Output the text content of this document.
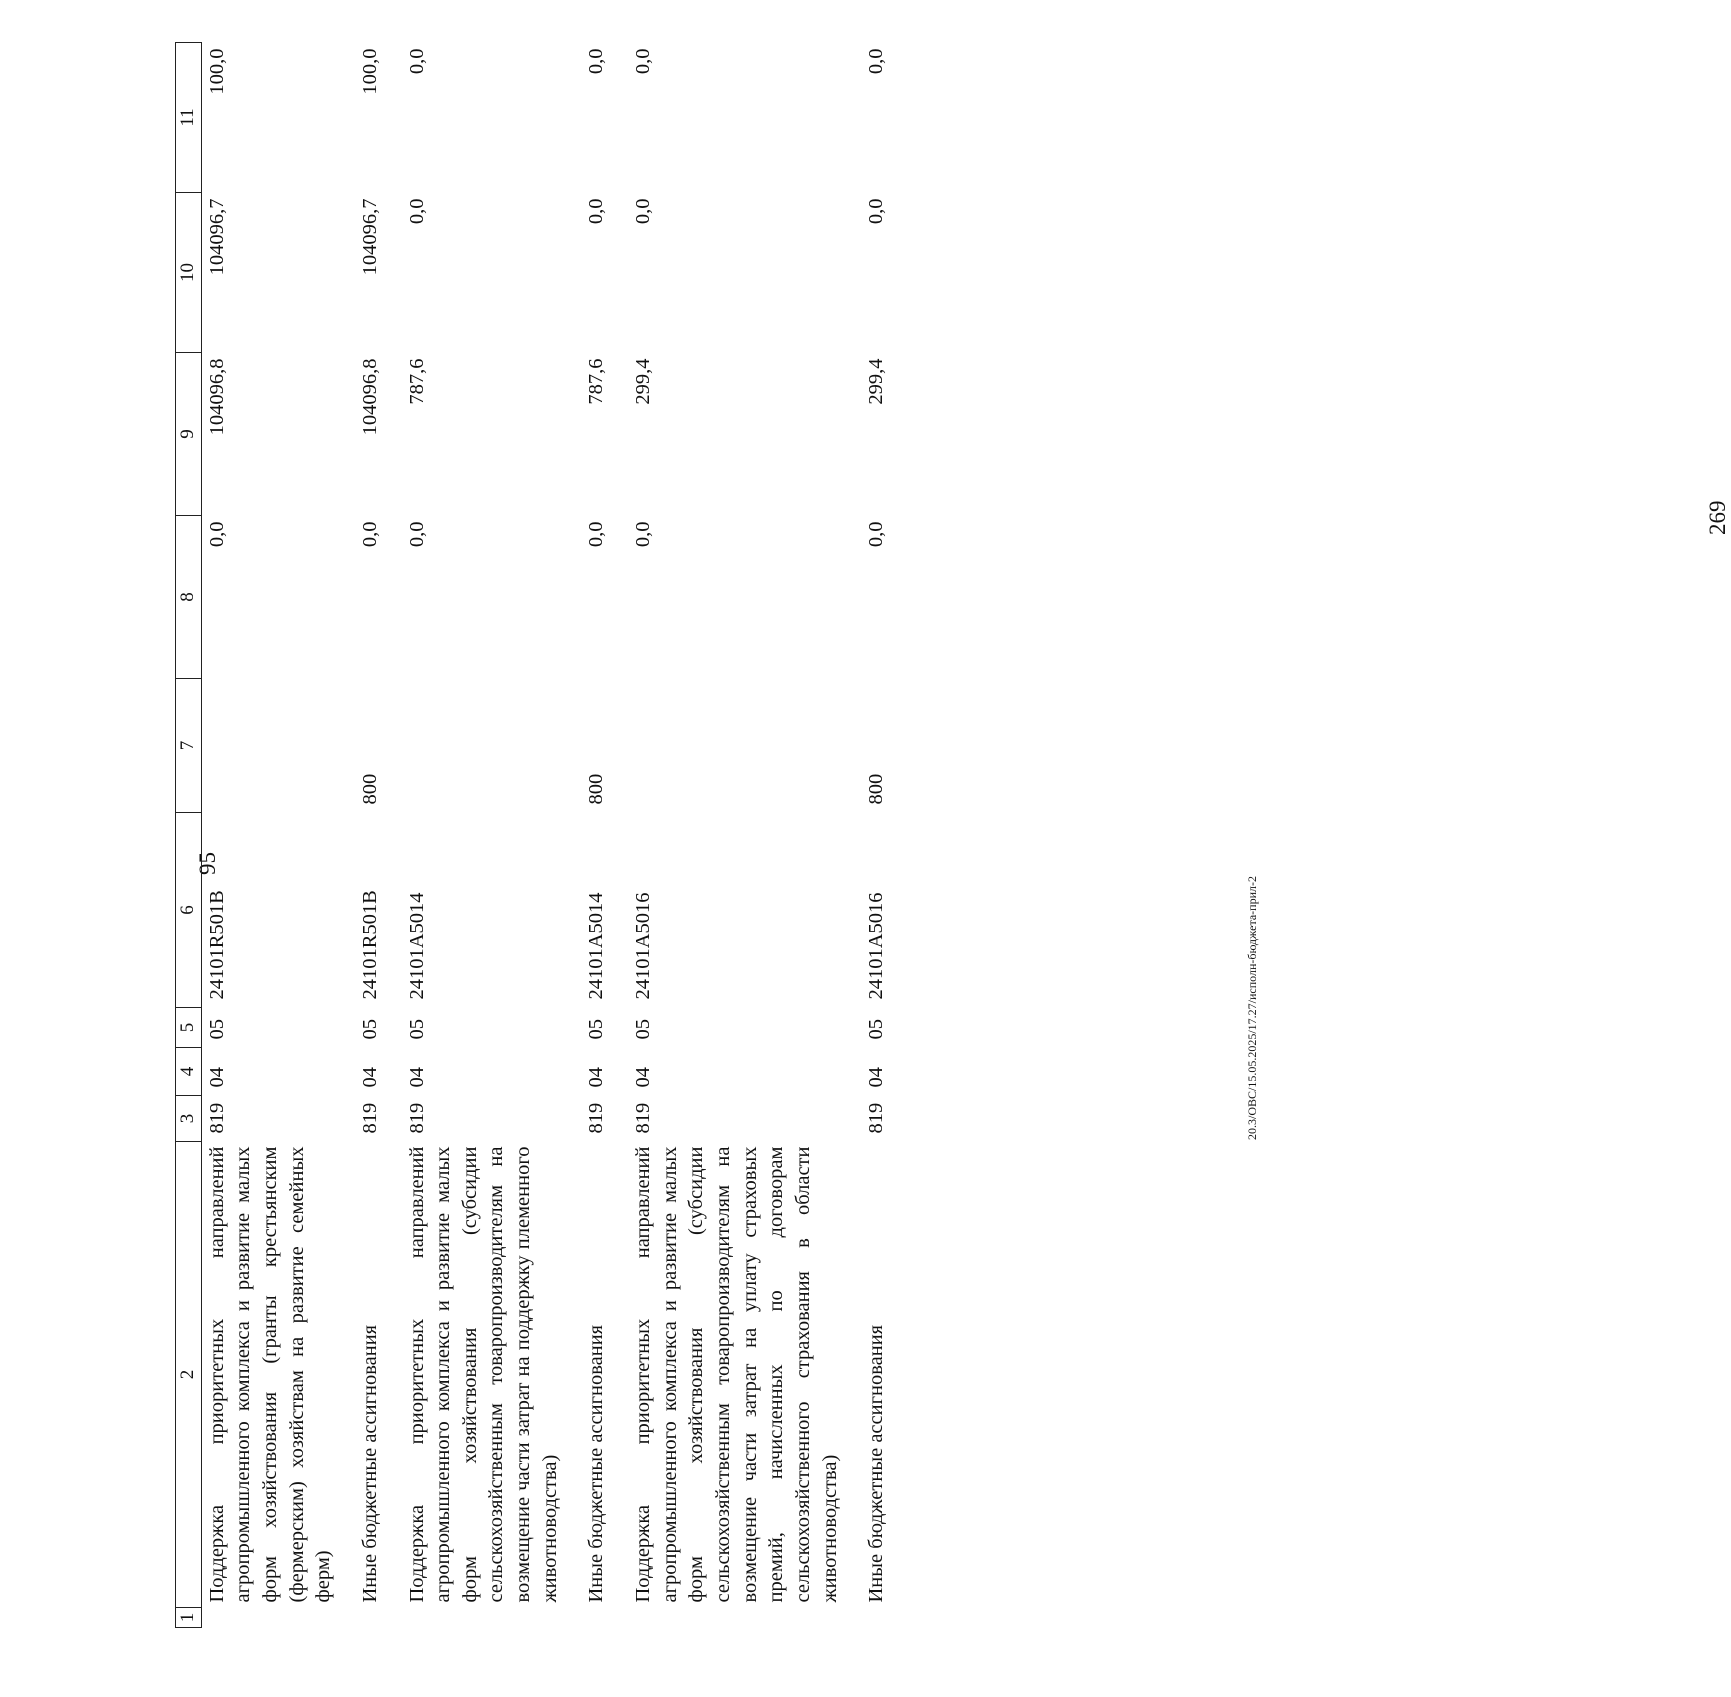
95
1	2	3	4	5	6	7	8	9	10	11
	Поддержка приоритетных направлений агропромышленного комплекса и развитие малых форм хозяйствования (гранты крестьянским (фермерским) хозяйствам на развитие семейных ферм)	819	04	05	24101R501В		0,0	104096,8	104096,7	100,0
	Иные бюджетные ассигнования	819	04	05	24101R501В	800	0,0	104096,8	104096,7	100,0
	Поддержка приоритетных направлений агропромышленного комплекса и развитие малых форм хозяйствования (субсидии сельскохозяйственным товаропроизводителям на возмещение части затрат на поддержку племенного животноводства)	819	04	05	24101А5014		0,0	787,6	0,0	0,0
	Иные бюджетные ассигнования	819	04	05	24101А5014	800	0,0	787,6	0,0	0,0
	Поддержка приоритетных направлений агропромышленного комплекса и развитие малых форм хозяйствования (субсидии сельскохозяйственным товаропроизводителям на возмещение части затрат на уплату страховых премий, начисленных по договорам сельскохозяйственного страхования в области животноводства)	819	04	05	24101А5016		0,0	299,4	0,0	0,0
	Иные бюджетные ассигнования	819	04	05	24101А5016	800	0,0	299,4	0,0	0,0
20.3/ОВС/15.05.2025/17.27/исполн-бюджета-прил-2
269
